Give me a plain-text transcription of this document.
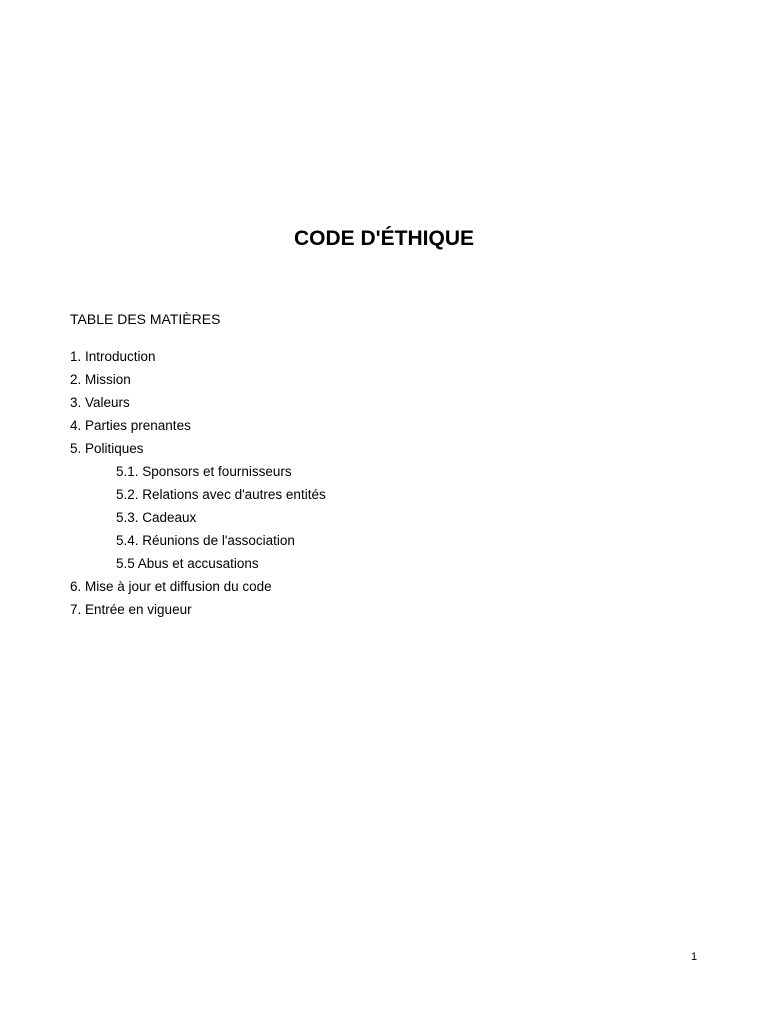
CODE D'ÉTHIQUE
TABLE DES MATIÈRES
1. Introduction
2. Mission
3. Valeurs
4. Parties prenantes
5. Politiques
5.1. Sponsors et fournisseurs
5.2. Relations avec d'autres entités
5.3. Cadeaux
5.4. Réunions de l'association
5.5 Abus et accusations
6. Mise à jour et diffusion du code
7. Entrée en vigueur
1
